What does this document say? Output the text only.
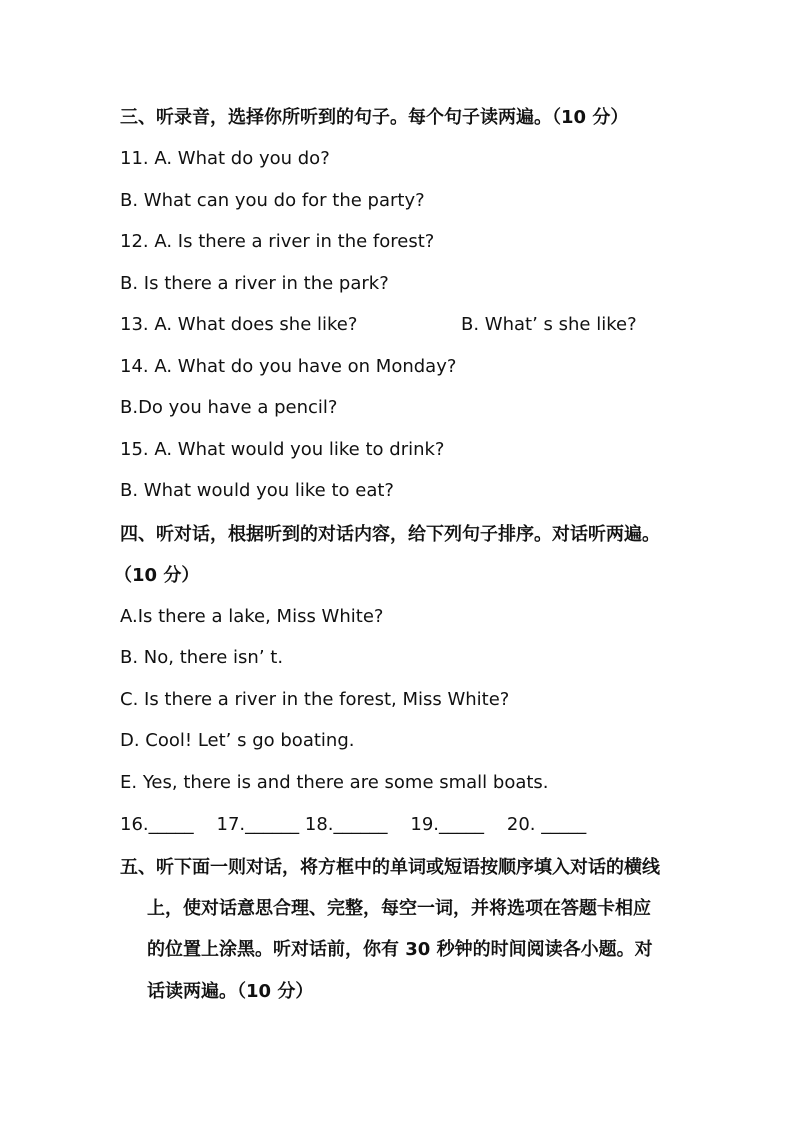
三、听录音，选择你所听到的句子。每个句子读两遍。（10 分）
11. A. What do you do?
B. What can you do for the party?
12. A. Is there a river in the forest?
B. Is there a river in the park?
13. A. What does she like?	B. What’ s she like?
14. A. What do you have on Monday?
B.Do you have a pencil?
15. A. What would you like to drink?
B. What would you like to eat?
四、听对话，根据听到的对话内容，给下列句子排序。对话听两遍。
（10 分）
A.Is there a lake, Miss White?
B. No, there isn’ t.
C. Is there a river in the forest, Miss White?
D. Cool! Let’ s go boating.
E. Yes, there is and there are some small boats.
16._____    17.______ 18.______    19._____    20. _____
五、听下面一则对话，将方框中的单词或短语按顺序填入对话的横线
上，使对话意思合理、完整，每空一词，并将选项在答题卡相应
的位置上涂黑。听对话前，你有 30 秒钟的时间阅读各小题。对
话读两遍。（10 分）
